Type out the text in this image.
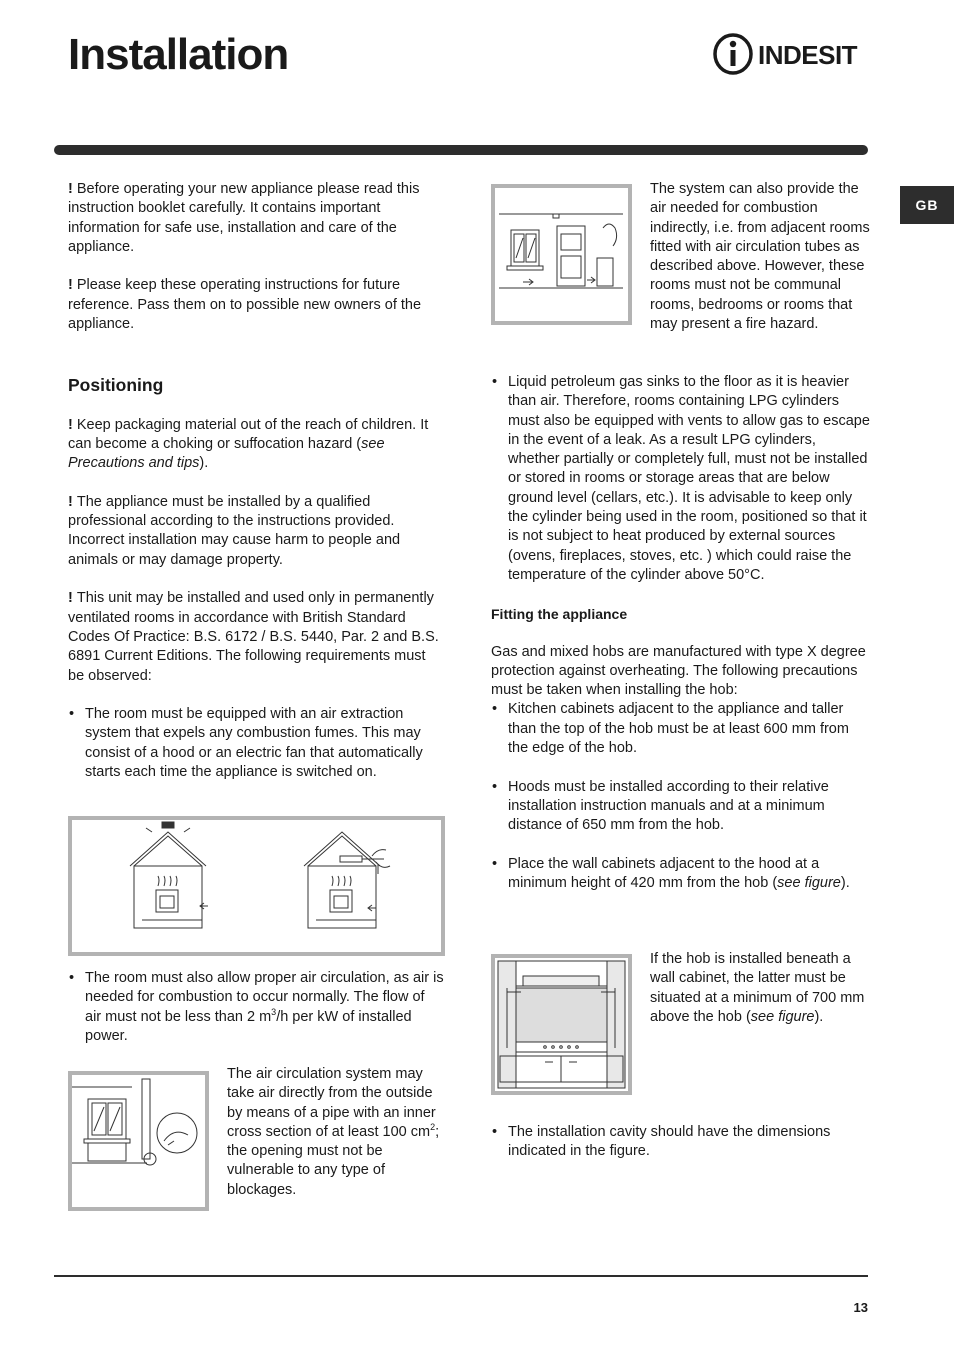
Installation	INDESIT
GB

! Before operating your new appliance please read this instruction booklet carefully. It contains important information for safe use, installation and care of the appliance.

! Please keep these operating instructions for future reference. Pass them on to possible new owners of the appliance.

Positioning

! Keep packaging material out of the reach of children. It can become a choking or suffocation hazard (see Precautions and tips).

! The appliance must be installed by a qualified professional according to the instructions provided. Incorrect installation may cause harm to people and animals or may damage property.

! This unit may be installed and used only in permanently ventilated rooms in accordance with British Standard Codes Of Practice: B.S. 6172 / B.S. 5440, Par. 2 and B.S. 6891 Current Editions. The following requirements must be observed:

• The room must be equipped with an air extraction system that expels any combustion fumes. This may consist of a hood or an electric fan that automatically starts each time the appliance is switched on.
• The room must also allow proper air circulation, as air is needed for combustion to occur normally. The flow of air must not be less than 2 $m^3/h$ per kW of installed power.
The air circulation system may take air directly from the outside by means of a pipe with an inner cross section of at least 100 $cm^2$; the opening must not be vulnerable to any type of blockages.
The system can also provide the air needed for combustion indirectly, i.e. from adjacent rooms fitted with air circulation tubes as described above. However, these rooms must not be communal rooms, bedrooms or rooms that may present a fire hazard.
• Liquid petroleum gas sinks to the floor as it is heavier than air. Therefore, rooms containing LPG cylinders must also be equipped with vents to allow gas to escape in the event of a leak. As a result LPG cylinders, whether partially or completely full, must not be installed or stored in rooms or storage areas that are below ground level (cellars, etc.). It is advisable to keep only the cylinder being used in the room, positioned so that it is not subject to heat produced by external sources (ovens, fireplaces, stoves, etc. ) which could raise the temperature of the cylinder above 50°C.
Fitting the appliance
Gas and mixed hobs are manufactured with type X degree protection against overheating. The following precautions must be taken when installing the hob:
• Kitchen cabinets adjacent to the appliance and taller than the top of the hob must be at least 600 mm from the edge of the hob.
• Hoods must be installed according to their relative installation instruction manuals and at a minimum distance of 650 mm from the hob.
• Place the wall cabinets adjacent to the hood at a minimum height of 420 mm from the hob (see figure).
If the hob is installed beneath a wall cabinet, the latter must be situated at a minimum of 700 mm above the hob (see figure).
• The installation cavity should have the dimensions indicated in the figure.
13
